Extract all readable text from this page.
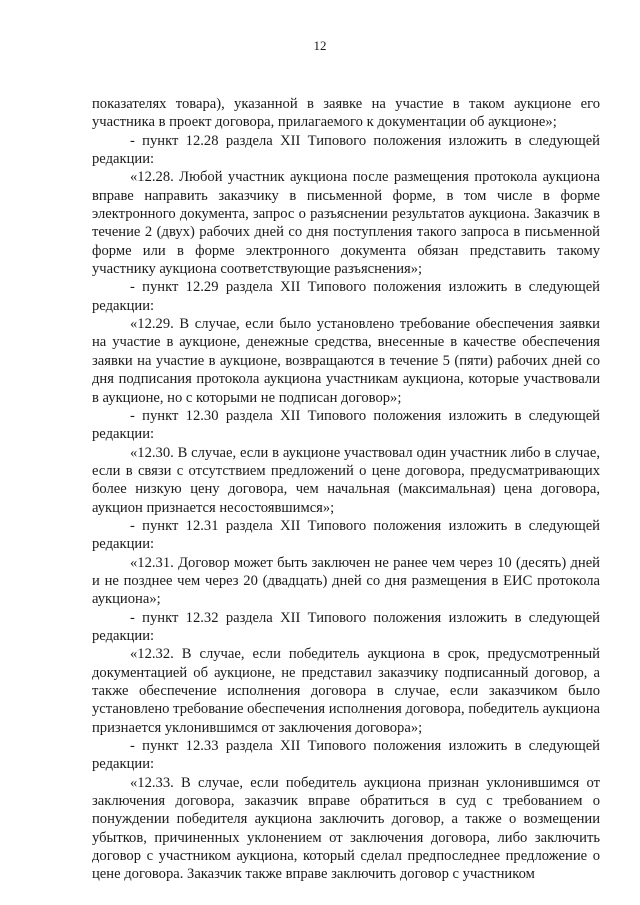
12

показателях товара), указанной в заявке на участие в таком аукционе его участника в проект договора, прилагаемого к документации об аукционе»;

- пункт 12.28 раздела XII Типового положения изложить в следующей редакции:

«12.28. Любой участник аукциона после размещения протокола аукциона вправе направить заказчику в письменной форме, в том числе в форме электронного документа, запрос о разъяснении результатов аукциона. Заказчик в течение 2 (двух) рабочих дней со дня поступления такого запроса в письменной форме или в форме электронного документа обязан представить такому участнику аукциона соответствующие разъяснения»;

- пункт 12.29 раздела XII Типового положения изложить в следующей редакции:

«12.29. В случае, если было установлено требование обеспечения заявки на участие в аукционе, денежные средства, внесенные в качестве обеспечения заявки на участие в аукционе, возвращаются в течение 5 (пяти) рабочих дней со дня подписания протокола аукциона участникам аукциона, которые участвовали в аукционе, но с которыми не подписан договор»;

- пункт 12.30 раздела XII Типового положения изложить в следующей редакции:

«12.30. В случае, если в аукционе участвовал один участник либо в случае, если в связи с отсутствием предложений о цене договора, предусматривающих более низкую цену договора, чем начальная (максимальная) цена договора, аукцион признается несостоявшимся»;

- пункт 12.31 раздела XII Типового положения изложить в следующей редакции:

«12.31. Договор может быть заключен не ранее чем через 10 (десять) дней и не позднее чем через 20 (двадцать) дней со дня размещения в ЕИС протокола аукциона»;

- пункт 12.32 раздела XII Типового положения изложить в следующей редакции:

«12.32. В случае, если победитель аукциона в срок, предусмотренный документацией об аукционе, не представил заказчику подписанный договор, а также обеспечение исполнения договора в случае, если заказчиком было установлено требование обеспечения исполнения договора, победитель аукциона признается уклонившимся от заключения договора»;

- пункт 12.33 раздела XII Типового положения изложить в следующей редакции:

«12.33. В случае, если победитель аукциона признан уклонившимся от заключения договора, заказчик вправе обратиться в суд с требованием о понуждении победителя аукциона заключить договор, а также о возмещении убытков, причиненных уклонением от заключения договора, либо заключить договор с участником аукциона, который сделал предпоследнее предложение о цене договора. Заказчик также вправе заключить договор с участником
